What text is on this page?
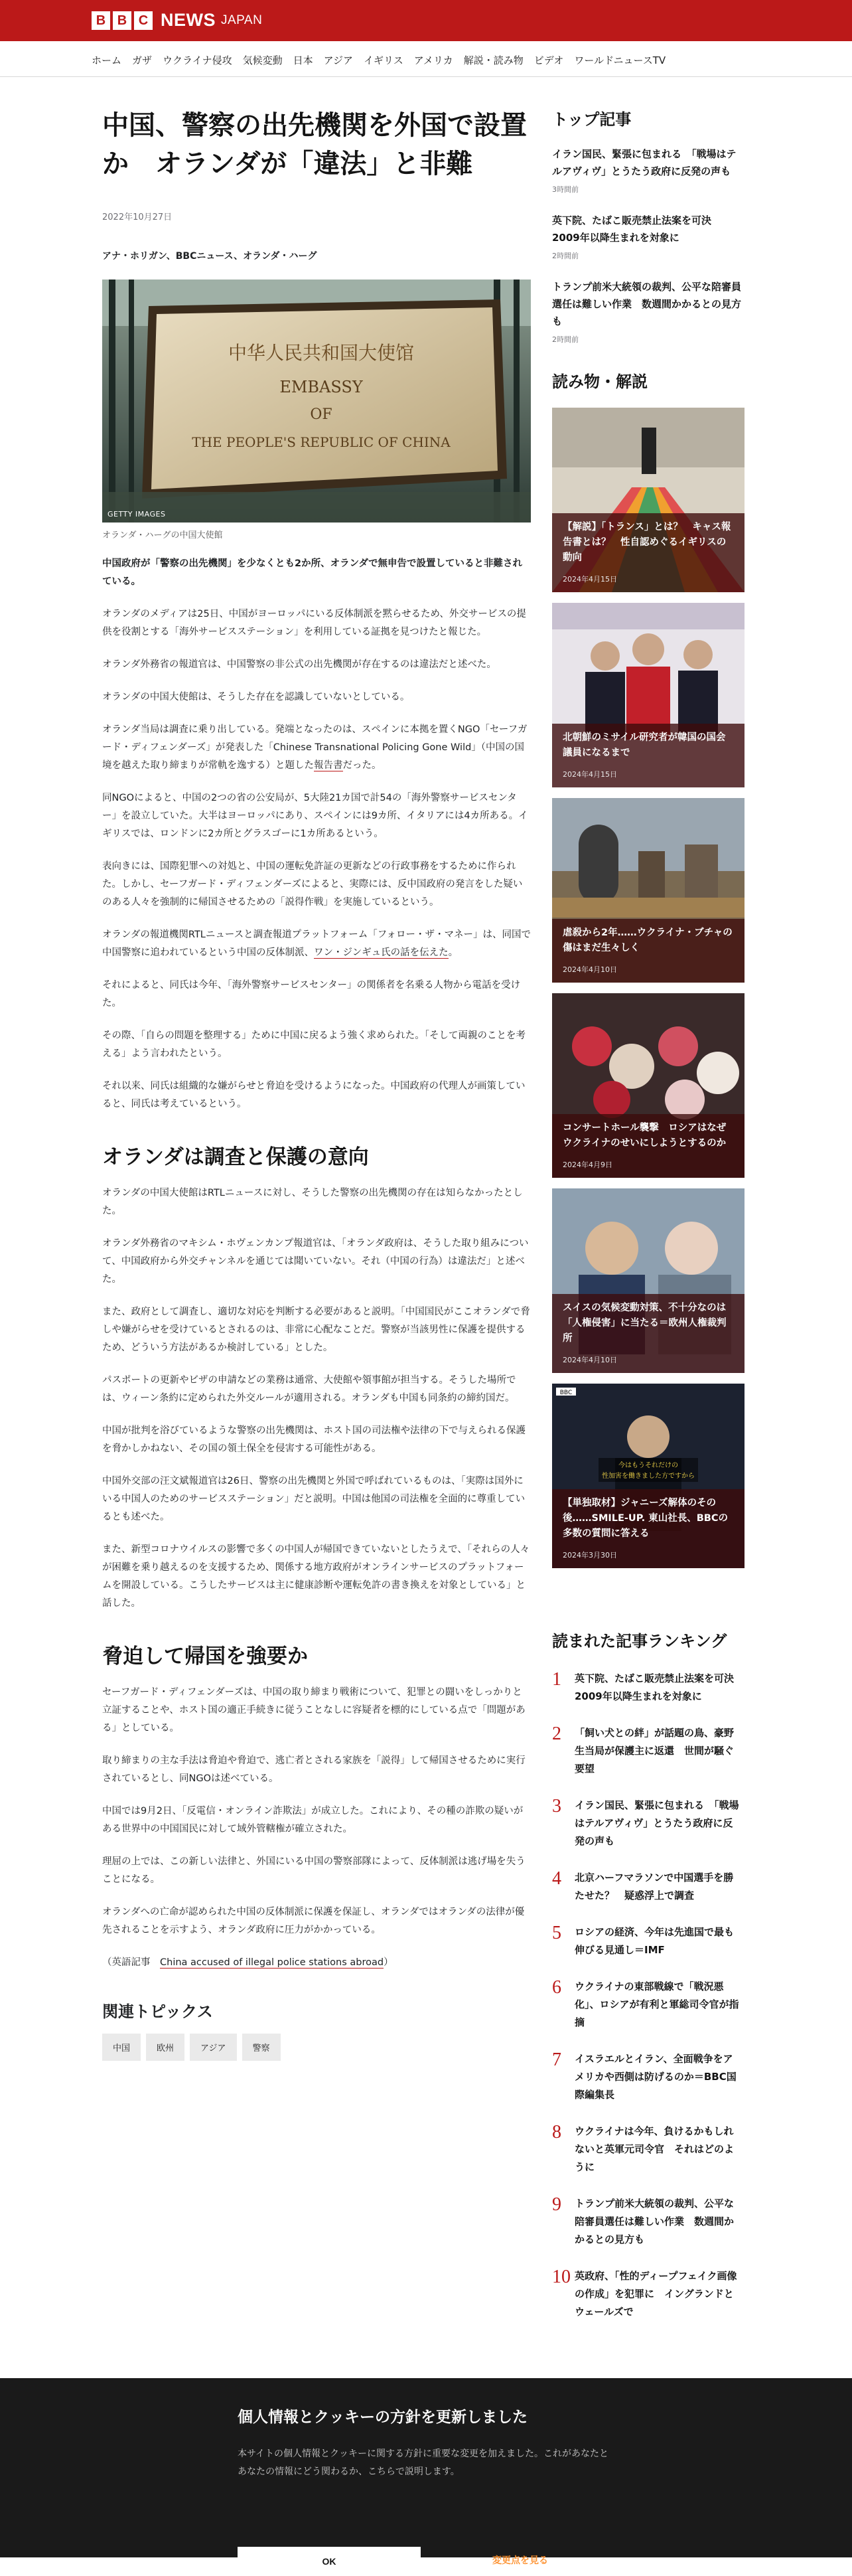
B B C NEWS JAPAN
ホーム ガザ ウクライナ侵攻 気候変動 日本 アジア イギリス アメリカ 解説・読み物 ビデオ ワールドニュースTV
中国、警察の出先機関を外国で設置か　オランダが「違法」と非難
2022年10月27日
アナ・ホリガン、BBCニュース、オランダ・ハーグ
中华人民共和国大使馆
EMBASSY
OF
THE PEOPLE'S REPUBLIC OF CHINA
GETTY IMAGES
オランダ・ハーグの中国大使館

中国政府が「警察の出先機関」を少なくとも2か所、オランダで無申告で設置していると非難されている。

オランダのメディアは25日、中国がヨーロッパにいる反体制派を黙らせるため、外交サービスの提供を役割とする「海外サービスステーション」を利用している証拠を見つけたと報じた。

オランダ外務省の報道官は、中国警察の非公式の出先機関が存在するのは違法だと述べた。

オランダの中国大使館は、そうした存在を認識していないとしている。

オランダ当局は調査に乗り出している。発端となったのは、スペインに本拠を置くNGO「セーフガード・ディフェンダーズ」が発表した「Chinese Transnational Policing Gone Wild」（中国の国境を越えた取り締まりが常軌を逸する）と題した報告書だった。

同NGOによると、中国の2つの省の公安局が、5大陸21カ国で計54の「海外警察サービスセンター」を設立していた。大半はヨーロッパにあり、スペインには9カ所、イタリアには4カ所ある。イギリスでは、ロンドンに2カ所とグラスゴーに1カ所あるという。

表向きには、国際犯罪への対処と、中国の運転免許証の更新などの行政事務をするために作られた。しかし、セーフガード・ディフェンダーズによると、実際には、反中国政府の発言をした疑いのある人々を強制的に帰国させるための「説得作戦」を実施しているという。

オランダの報道機関RTLニュースと調査報道プラットフォーム「フォロー・ザ・マネー」は、同国で中国警察に追われているという中国の反体制派、ワン・ジンギュ氏の話を伝えた。

それによると、同氏は今年、「海外警察サービスセンター」の関係者を名乗る人物から電話を受けた。

その際、「自らの問題を整理する」ために中国に戻るよう強く求められた。「そして両親のことを考える」よう言われたという。

それ以来、同氏は組織的な嫌がらせと脅迫を受けるようになった。中国政府の代理人が画策していると、同氏は考えているという。

オランダは調査と保護の意向

オランダの中国大使館はRTLニュースに対し、そうした警察の出先機関の存在は知らなかったとした。

オランダ外務省のマキシム・ホヴェンカンプ報道官は、「オランダ政府は、そうした取り組みについて、中国政府から外交チャンネルを通じては聞いていない。それ（中国の行為）は違法だ」と述べた。

また、政府として調査し、適切な対応を判断する必要があると説明。「中国国民がここオランダで脅しや嫌がらせを受けているとされるのは、非常に心配なことだ。警察が当該男性に保護を提供するため、どういう方法があるか検討している」とした。

パスポートの更新やビザの申請などの業務は通常、大使館や領事館が担当する。そうした場所では、ウィーン条約に定められた外交ルールが適用される。オランダも中国も同条約の締約国だ。

中国が批判を浴びているような警察の出先機関は、ホスト国の司法権や法律の下で与えられる保護を脅かしかねない、その国の領土保全を侵害する可能性がある。

中国外交部の汪文斌報道官は26日、警察の出先機関と外国で呼ばれているものは、「実際は国外にいる中国人のためのサービスステーション」だと説明。中国は他国の司法権を全面的に尊重しているとも述べた。

また、新型コロナウイルスの影響で多くの中国人が帰国できていないとしたうえで、「それらの人々が困難を乗り越えるのを支援するため、関係する地方政府がオンラインサービスのプラットフォームを開設している。こうしたサービスは主に健康診断や運転免許の書き換えを対象としている」と話した。

脅迫して帰国を強要か

セーフガード・ディフェンダーズは、中国の取り締まり戦術について、犯罪との闘いをしっかりと立証することや、ホスト国の適正手続きに従うことなしに容疑者を標的にしている点で「問題がある」としている。

取り締まりの主な手法は脅迫や脅迫で、逃亡者とされる家族を「説得」して帰国させるために実行されているとし、同NGOは述べている。

中国では9月2日、「反電信・オンライン詐欺法」が成立した。これにより、その種の詐欺の疑いがある世界中の中国国民に対して域外管轄権が確立された。

理屈の上では、この新しい法律と、外国にいる中国の警察部隊によって、反体制派は逃げ場を失うことになる。

オランダへの亡命が認められた中国の反体制派に保護を保証し、オランダではオランダの法律が優先されることを示すよう、オランダ政府に圧力がかかっている。

（英語記事　China accused of illegal police stations abroad）

関連トピックス
中国	欧州	アジア	警察
トップ記事
イラン国民、緊張に包まれる　「戦場はテルアヴィヴ」とうたう政府に反発の声も
3時間前
英下院、たばこ販売禁止法案を可決　2009年以降生まれを対象に
2時間前
トランプ前米大統領の裁判、公平な陪審員選任は難しい作業　数週間かかるとの見方も
2時間前
読み物・解説
【解説】「トランス」とは？　キャス報告書とは？　性自認めぐるイギリスの動向
2024年4月15日
北朝鮮のミサイル研究者が韓国の国会議員になるまで
2024年4月15日
虐殺から2年……ウクライナ・ブチャの傷はまだ生々しく
2024年4月10日
コンサートホール襲撃　ロシアはなぜウクライナのせいにしようとするのか
2024年4月9日
スイスの気候変動対策、不十分なのは「人権侵害」に当たる＝欧州人権裁判所
2024年4月10日
今はもうそれだけの
性加害を働きました方ですから
BBC
【単独取材】ジャニーズ解体のその後……SMILE-UP. 東山社長、BBCの多数の質問に答える
2024年3月30日
読まれた記事ランキング
1	英下院、たばこ販売禁止法案を可決　2009年以降生まれを対象に
2	「飼い犬との絆」が話題の鳥、豪野生当局が保護主に返還　世間が騒ぐ要望
3	イラン国民、緊張に包まれる　「戦場はテルアヴィヴ」とうたう政府に反発の声も
4	北京ハーフマラソンで中国選手を勝たせた？　疑惑浮上で調査
5	ロシアの経済、今年は先進国で最も伸びる見通し＝IMF
6	ウクライナの東部戦線で「戦況悪化」、ロシアが有利と軍総司令官が指摘
7	イスラエルとイラン、全面戦争をアメリカや西側は防げるのか＝BBC国際編集長
8	ウクライナは今年、負けるかもしれないと英軍元司令官　それはどのように
9	トランプ前米大統領の裁判、公平な陪審員選任は難しい作業　数週間かかるとの見方も
10 英政府、「性的ディープフェイク画像の作成」を犯罪に　イングランドとウェールズで
個人情報とクッキーの方針を更新しました
本サイトの個人情報とクッキーに関する方針に重要な変更を加えました。これがあなたとあなたの情報にどう関わるか、こちらで説明します。
OK	変更点を見る
